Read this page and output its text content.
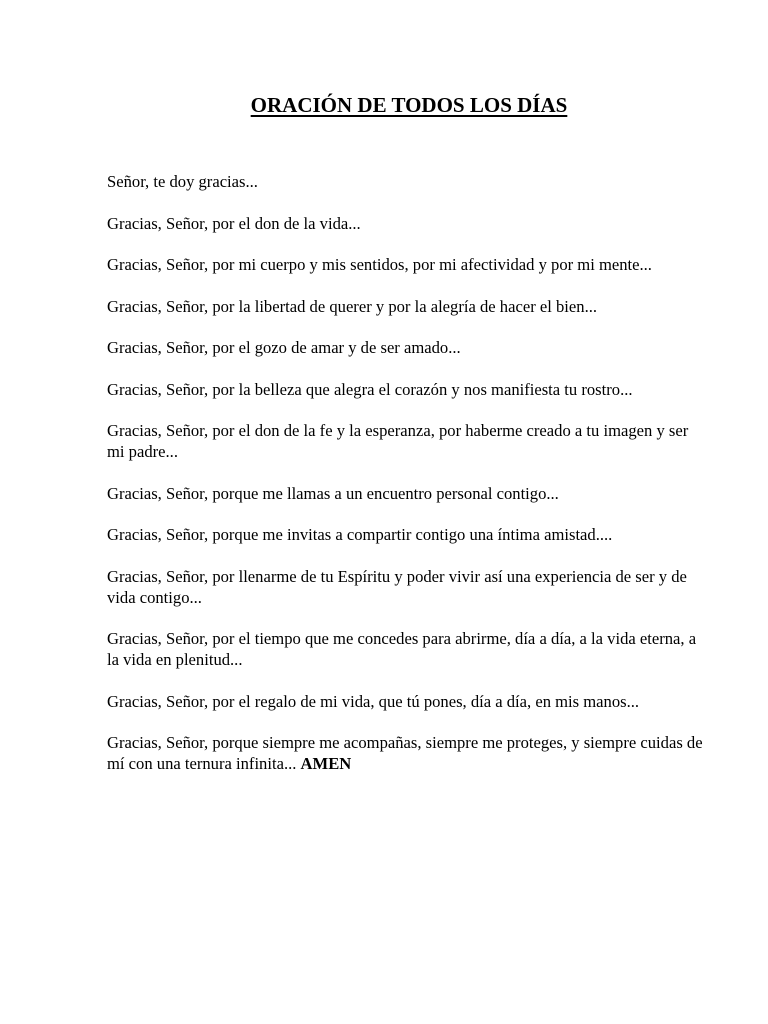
ORACIÓN DE TODOS LOS DÍAS

Señor, te doy gracias...

Gracias, Señor, por el don de la vida...

Gracias, Señor, por mi cuerpo y mis sentidos, por mi afectividad y por mi mente...

Gracias, Señor, por la libertad de querer y por la alegría de hacer el bien...

Gracias, Señor, por el gozo de amar y de ser amado...

Gracias, Señor, por la belleza que alegra el corazón y nos manifiesta tu rostro...

Gracias, Señor, por el don de la fe y la esperanza, por haberme creado a tu imagen y ser mi padre...

Gracias, Señor, porque me llamas a un encuentro personal contigo...

Gracias, Señor, porque me invitas a compartir contigo una íntima amistad....

Gracias, Señor, por llenarme de tu Espíritu y poder vivir así una experiencia de ser y de vida contigo...

Gracias, Señor, por el tiempo que me concedes para abrirme, día a día, a la vida eterna, a la vida en plenitud...

Gracias, Señor, por el regalo de mi vida, que tú pones, día a día, en mis manos...

Gracias, Señor, porque siempre me acompañas, siempre me proteges, y siempre cuidas de mí con una ternura infinita... AMEN
